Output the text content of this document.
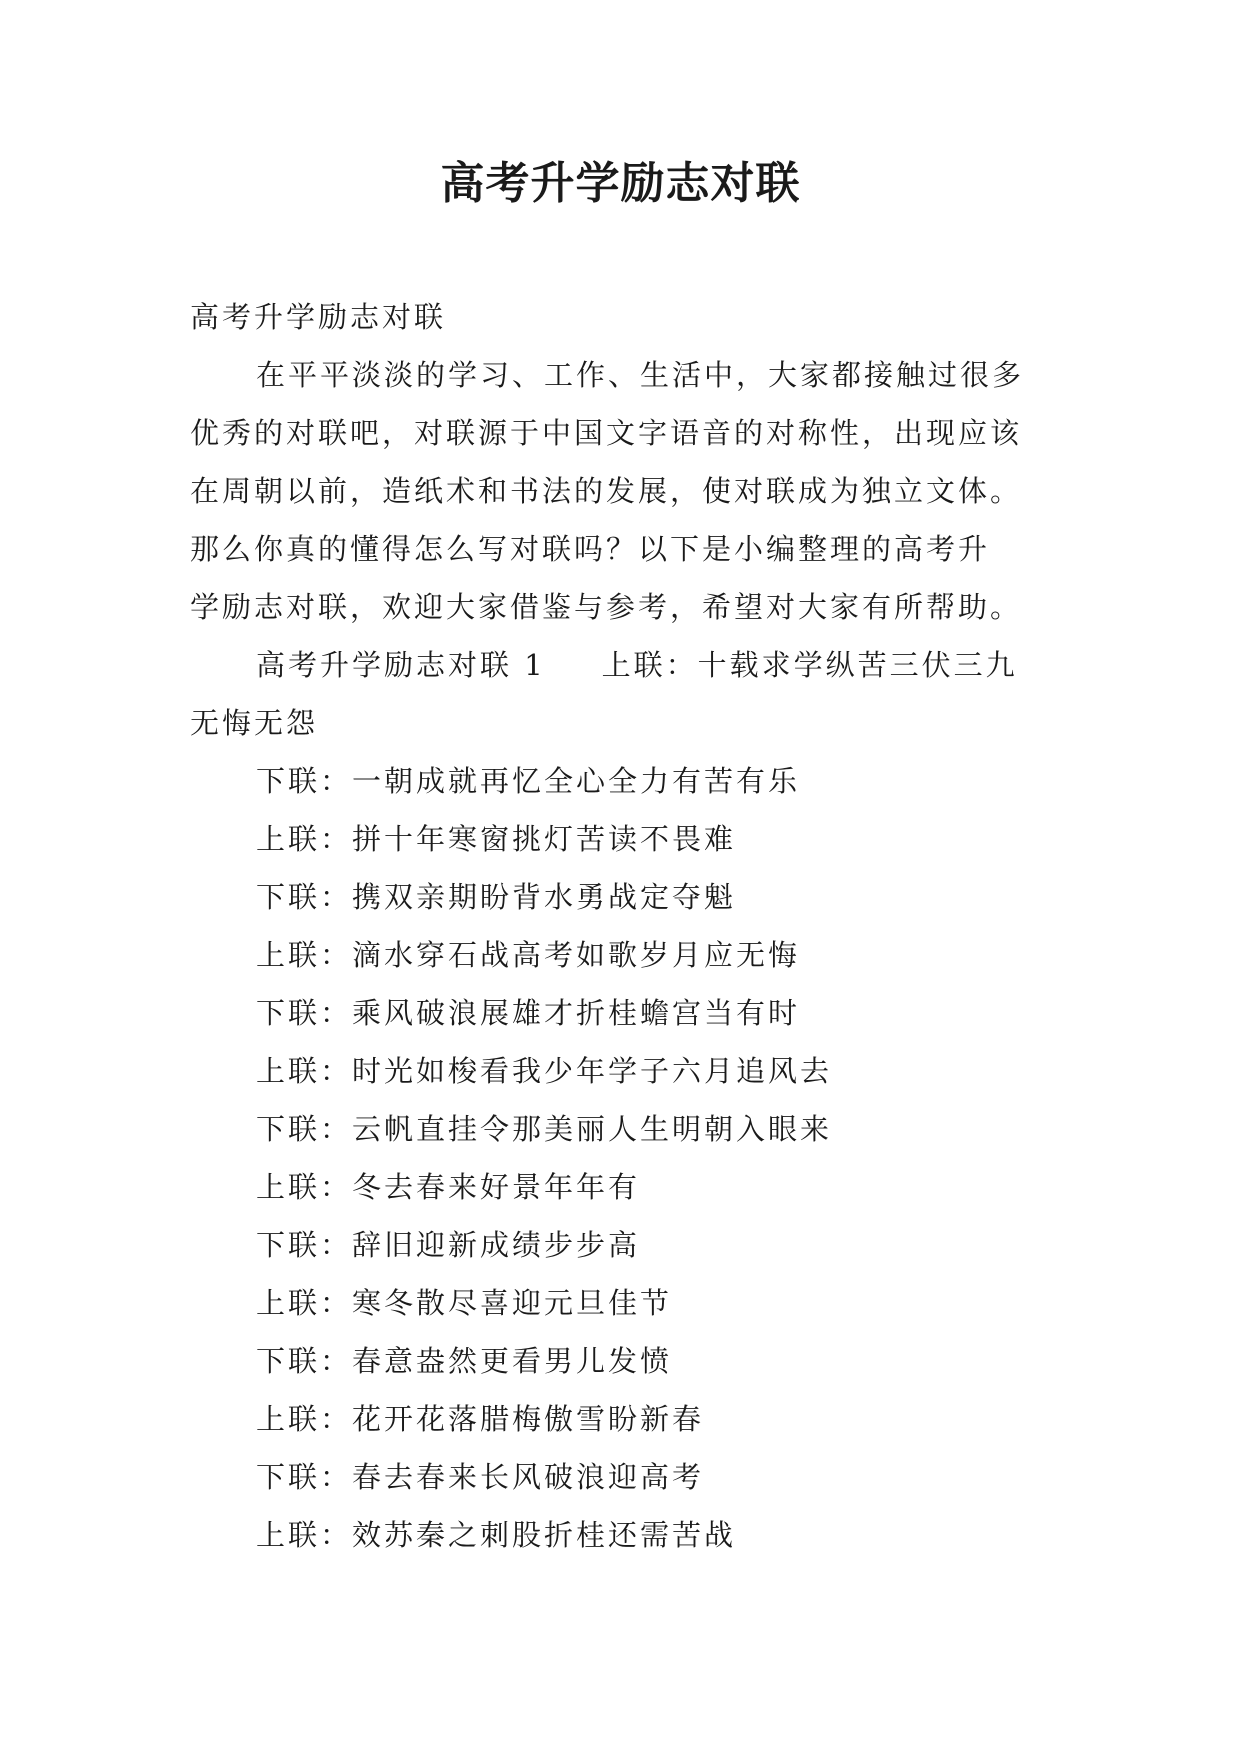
高考升学励志对联

高考升学励志对联

在平平淡淡的学习、工作、生活中，大家都接触过很多

优秀的对联吧，对联源于中国文字语音的对称性，出现应该

在周朝以前，造纸术和书法的发展，使对联成为独立文体。

那么你真的懂得怎么写对联吗？以下是小编整理的高考升

学励志对联，欢迎大家借鉴与参考，希望对大家有所帮助。

高考升学励志对联 1 上联：十载求学纵苦三伏三九

无悔无怨

下联：一朝成就再忆全心全力有苦有乐

上联：拼十年寒窗挑灯苦读不畏难

下联：携双亲期盼背水勇战定夺魁

上联：滴水穿石战高考如歌岁月应无悔

下联：乘风破浪展雄才折桂蟾宫当有时

上联：时光如梭看我少年学子六月追风去

下联：云帆直挂令那美丽人生明朝入眼来

上联：冬去春来好景年年有

下联：辞旧迎新成绩步步高

上联：寒冬散尽喜迎元旦佳节

下联：春意盎然更看男儿发愤

上联：花开花落腊梅傲雪盼新春

下联：春去春来长风破浪迎高考

上联：效苏秦之刺股折桂还需苦战
